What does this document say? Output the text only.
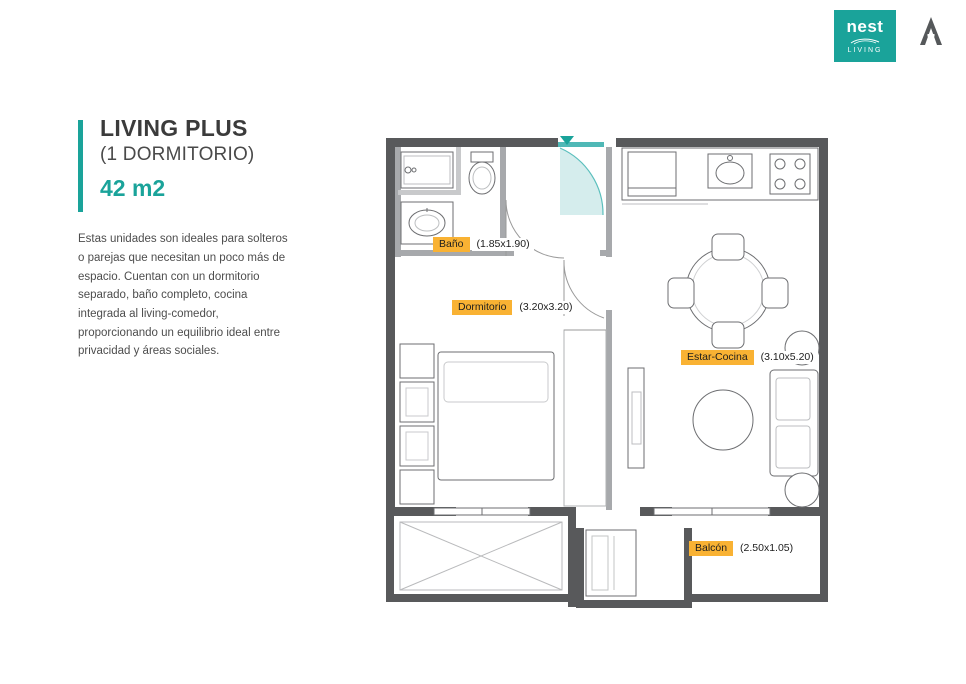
nest
LIVING
LIVING PLUS
(1 DORMITORIO)
42 m2
Estas unidades son ideales para solteros o parejas que necesitan un poco más de espacio. Cuentan con un dormitorio separado, baño completo, cocina integrada al living-comedor, proporcionando un equilibrio ideal entre privacidad y áreas sociales.
Baño (1.85x1.90)
Dormitorio (3.20x3.20)
Estar-Cocina (3.10x5.20)
Balcón (2.50x1.05)
